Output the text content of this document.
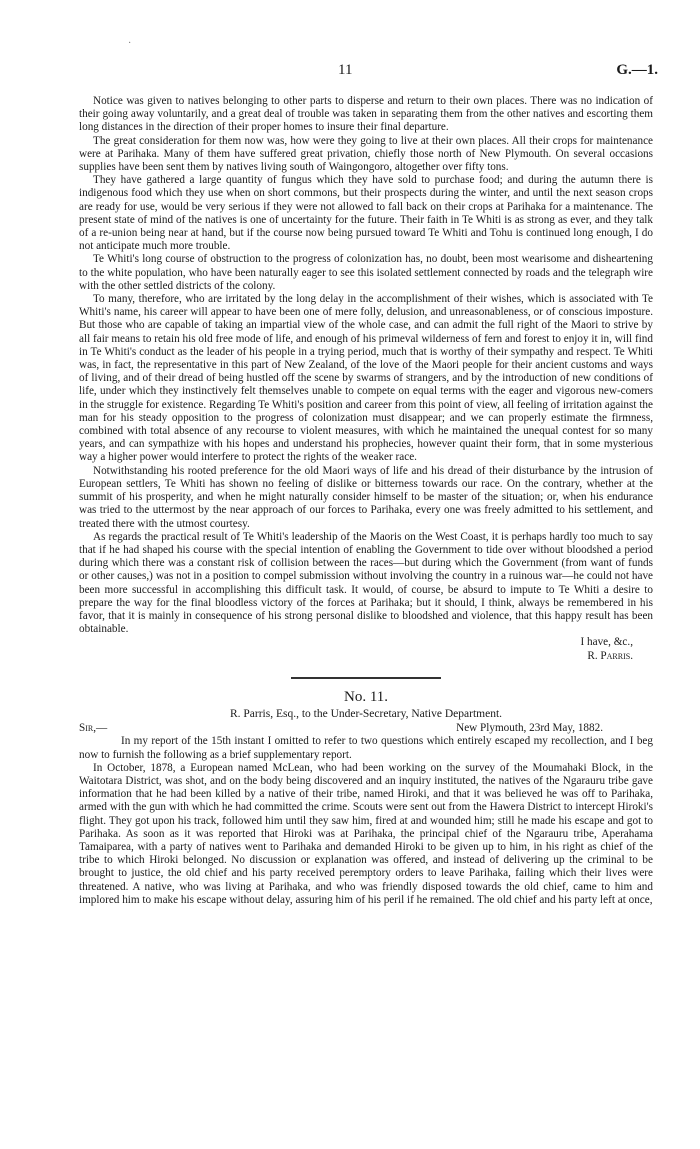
·
11	G.—1.

Notice was given to natives belonging to other parts to disperse and return to their own places. There was no indication of their going away voluntarily, and a great deal of trouble was taken in separating them from the other natives and escorting them long distances in the direction of their proper homes to insure their final departure.

The great consideration for them now was, how were they going to live at their own places. All their crops for maintenance were at Parihaka. Many of them have suffered great privation, chiefly those north of New Plymouth. On several occasions supplies have been sent them by natives living south of Waingongoro, altogether over fifty tons.

They have gathered a large quantity of fungus which they have sold to purchase food; and during the autumn there is indigenous food which they use when on short commons, but their prospects during the winter, and until the next season crops are ready for use, would be very serious if they were not allowed to fall back on their crops at Parihaka for a maintenance. The present state of mind of the natives is one of uncertainty for the future. Their faith in Te Whiti is as strong as ever, and they talk of a re-union being near at hand, but if the course now being pursued toward Te Whiti and Tohu is continued long enough, I do not anticipate much more trouble.

Te Whiti's long course of obstruction to the progress of colonization has, no doubt, been most wearisome and disheartening to the white population, who have been naturally eager to see this isolated settlement connected by roads and the telegraph wire with the other settled districts of the colony.

To many, therefore, who are irritated by the long delay in the accomplishment of their wishes, which is associated with Te Whiti's name, his career will appear to have been one of mere folly, delusion, and unreasonableness, or of conscious imposture. But those who are capable of taking an impartial view of the whole case, and can admit the full right of the Maori to strive by all fair means to retain his old free mode of life, and enough of his primeval wilderness of fern and forest to enjoy it in, will find in Te Whiti's conduct as the leader of his people in a trying period, much that is worthy of their sympathy and respect. Te Whiti was, in fact, the representative in this part of New Zealand, of the love of the Maori people for their ancient customs and ways of living, and of their dread of being hustled off the scene by swarms of strangers, and by the introduction of new conditions of life, under which they instinctively felt themselves unable to compete on equal terms with the eager and vigorous new-comers in the struggle for existence. Regarding Te Whiti's position and career from this point of view, all feeling of irritation against the man for his steady opposition to the progress of colonization must disappear; and we can properly estimate the firmness, combined with total absence of any recourse to violent measures, with which he maintained the unequal contest for so many years, and can sympathize with his hopes and understand his prophecies, however quaint their form, that in some mysterious way a higher power would interfere to protect the rights of the weaker race.

Notwithstanding his rooted preference for the old Maori ways of life and his dread of their disturbance by the intrusion of European settlers, Te Whiti has shown no feeling of dislike or bitterness towards our race. On the contrary, whether at the summit of his prosperity, and when he might naturally consider himself to be master of the situation; or, when his endurance was tried to the uttermost by the near approach of our forces to Parihaka, every one was freely admitted to his settlement, and treated there with the utmost courtesy.

As regards the practical result of Te Whiti's leadership of the Maoris on the West Coast, it is perhaps hardly too much to say that if he had shaped his course with the special intention of enabling the Government to tide over without bloodshed a period during which there was a constant risk of collision between the races—but during which the Government (from want of funds or other causes,) was not in a position to compel submission without involving the country in a ruinous war—he could not have been more successful in accomplishing this difficult task. It would, of course, be absurd to impute to Te Whiti a desire to prepare the way for the final bloodless victory of the forces at Parihaka; but it should, I think, always be remembered in his favor, that it is mainly in consequence of his strong personal dislike to bloodshed and violence, that this happy result has been obtainable.

I have, &c.,
R. Parris.
No. 11.
R. Parris, Esq., to the Under-Secretary, Native Department.
Sir,—	New Plymouth, 23rd May, 1882.

In my report of the 15th instant I omitted to refer to two questions which entirely escaped my recollection, and I beg now to furnish the following as a brief supplementary report.

In October, 1878, a European named McLean, who had been working on the survey of the Moumahaki Block, in the Waitotara District, was shot, and on the body being discovered and an inquiry instituted, the natives of the Ngarauru tribe gave information that he had been killed by a native of their tribe, named Hiroki, and that it was believed he was off to Parihaka, armed with the gun with which he had committed the crime. Scouts were sent out from the Hawera District to intercept Hiroki's flight. They got upon his track, followed him until they saw him, fired at and wounded him; still he made his escape and got to Parihaka. As soon as it was reported that Hiroki was at Parihaka, the principal chief of the Ngarauru tribe, Aperahama Tamaiparea, with a party of natives went to Parihaka and demanded Hiroki to be given up to him, in his right as chief of the tribe to which Hiroki belonged. No discussion or explanation was offered, and instead of delivering up the criminal to be brought to justice, the old chief and his party received peremptory orders to leave Parihaka, failing which their lives were threatened. A native, who was living at Parihaka, and who was friendly disposed towards the old chief, came to him and implored him to make his escape without delay, assuring him of his peril if he remained. The old chief and his party left at once,
